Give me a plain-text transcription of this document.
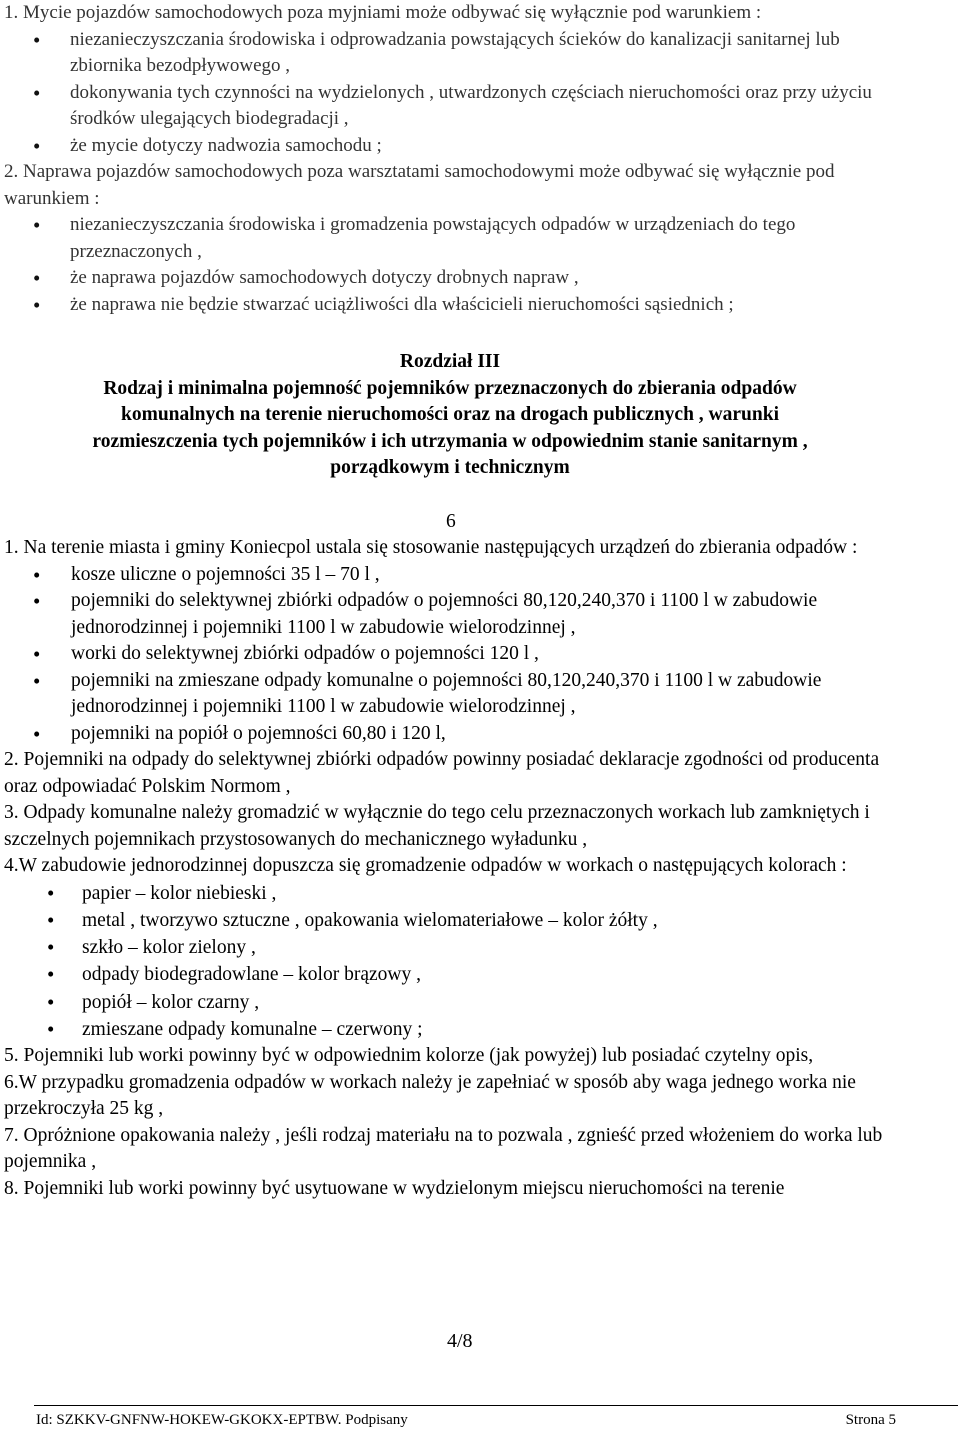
1. Mycie pojazdów samochodowych poza myjniami może odbywać się wyłącznie pod warunkiem :

• niezanieczyszczania środowiska i odprowadzania powstających ścieków do kanalizacji sanitarnej lub zbiornika bezodpływowego ,
• dokonywania tych czynności na wydzielonych , utwardzonych częściach nieruchomości oraz przy użyciu środków ulegających biodegradacji ,
• że mycie dotyczy nadwozia samochodu ;

2. Naprawa pojazdów samochodowych poza warsztatami samochodowymi może odbywać się wyłącznie pod warunkiem :

• niezanieczyszczania środowiska i gromadzenia powstających odpadów w urządzeniach do tego przeznaczonych ,
• że naprawa pojazdów samochodowych dotyczy drobnych napraw ,
• że naprawa nie będzie stwarzać uciążliwości dla właścicieli nieruchomości sąsiednich ;
Rozdział III
Rodzaj i minimalna pojemność pojemników przeznaczonych do zbierania odpadów
komunalnych na terenie nieruchomości oraz na drogach publicznych , warunki
rozmieszczenia tych pojemników i ich utrzymania w odpowiednim stanie sanitarnym ,
porządkowym i technicznym
6

1. Na terenie miasta i gminy Koniecpol ustala się stosowanie następujących urządzeń do zbierania odpadów :

• kosze uliczne o pojemności 35 l – 70 l ,
• pojemniki do selektywnej zbiórki odpadów o pojemności 80,120,240,370 i 1100 l w zabudowie jednorodzinnej i pojemniki 1100 l w zabudowie wielorodzinnej ,
• worki do selektywnej zbiórki odpadów o pojemności 120 l ,
• pojemniki na zmieszane odpady komunalne o pojemności 80,120,240,370 i 1100 l w zabudowie jednorodzinnej i pojemniki 1100 l w zabudowie wielorodzinnej ,
• pojemniki na popiół o pojemności 60,80 i 120 l,

2. Pojemniki na odpady do selektywnej zbiórki odpadów powinny posiadać deklaracje zgodności od producenta oraz odpowiadać Polskim Normom ,

3. Odpady komunalne należy gromadzić w wyłącznie do tego celu przeznaczonych workach lub zamkniętych i szczelnych pojemnikach przystosowanych do mechanicznego wyładunku ,

4.W zabudowie jednorodzinnej dopuszcza się gromadzenie odpadów w workach o następujących kolorach :

• papier – kolor niebieski ,
• metal , tworzywo sztuczne , opakowania wielomateriałowe – kolor żółty ,
• szkło – kolor zielony ,
• odpady biodegradowlane – kolor brązowy ,
• popiół – kolor czarny ,
• zmieszane odpady komunalne – czerwony ;

5. Pojemniki lub worki powinny być w odpowiednim kolorze (jak powyżej) lub posiadać czytelny opis,

6.W przypadku gromadzenia odpadów w workach należy je zapełniać w sposób aby waga jednego worka nie przekroczyła 25 kg ,

7. Opróżnione opakowania należy , jeśli rodzaj materiału na to pozwala , zgnieść przed włożeniem do worka lub pojemnika ,

8. Pojemniki lub worki powinny być usytuowane w wydzielonym miejscu nieruchomości na terenie

4/8
Id: SZKKV-GNFNW-HOKEW-GKOKX-EPTBW. Podpisany	Strona 5
